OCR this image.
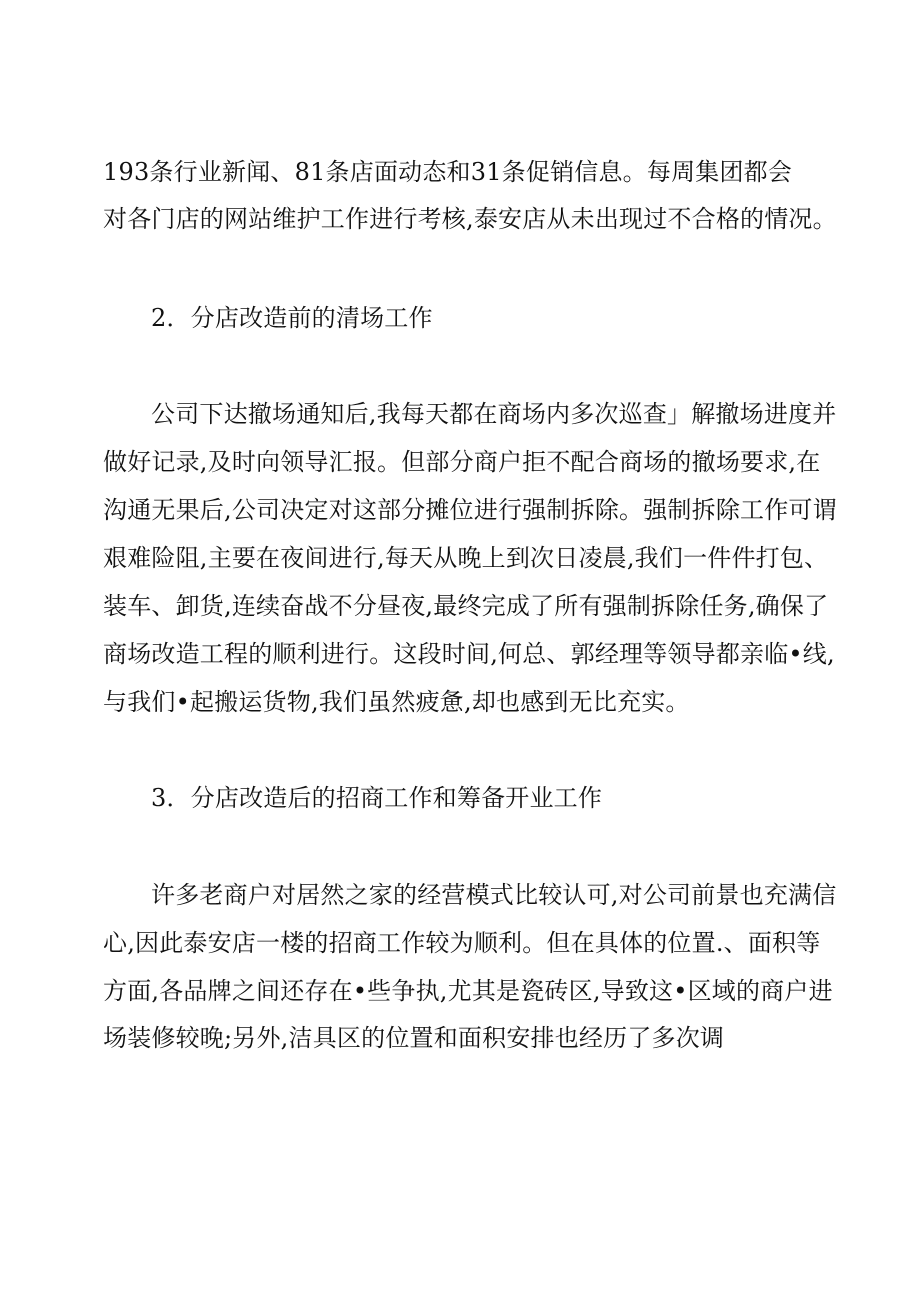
193条行业新闻、81条店面动态和31条促销信息。每周集团都会
对各门店的网站维护工作进行考核,泰安店从未出现过不合格的情况。
2．分店改造前的清场工作
公司下达撤场通知后,我每天都在商场内多次巡查」解撤场进度并
做好记录,及时向领导汇报。但部分商户拒不配合商场的撤场要求,在
沟通无果后,公司决定对这部分摊位进行强制拆除。强制拆除工作可谓
艰难险阻,主要在夜间进行,每天从晚上到次日凌晨,我们一件件打包、
装车、卸货,连续奋战不分昼夜,最终完成了所有强制拆除任务,确保了
商场改造工程的顺利进行。这段时间,何总、郭经理等领导都亲临•线,
与我们•起搬运货物,我们虽然疲惫,却也感到无比充实。
3．分店改造后的招商工作和筹备开业工作
许多老商户对居然之家的经营模式比较认可,对公司前景也充满信
心,因此泰安店一楼的招商工作较为顺利。但在具体的位置.、面积等
方面,各品牌之间还存在•些争执,尤其是瓷砖区,导致这•区域的商户进
场装修较晚;另外,洁具区的位置和面积安排也经历了多次调
